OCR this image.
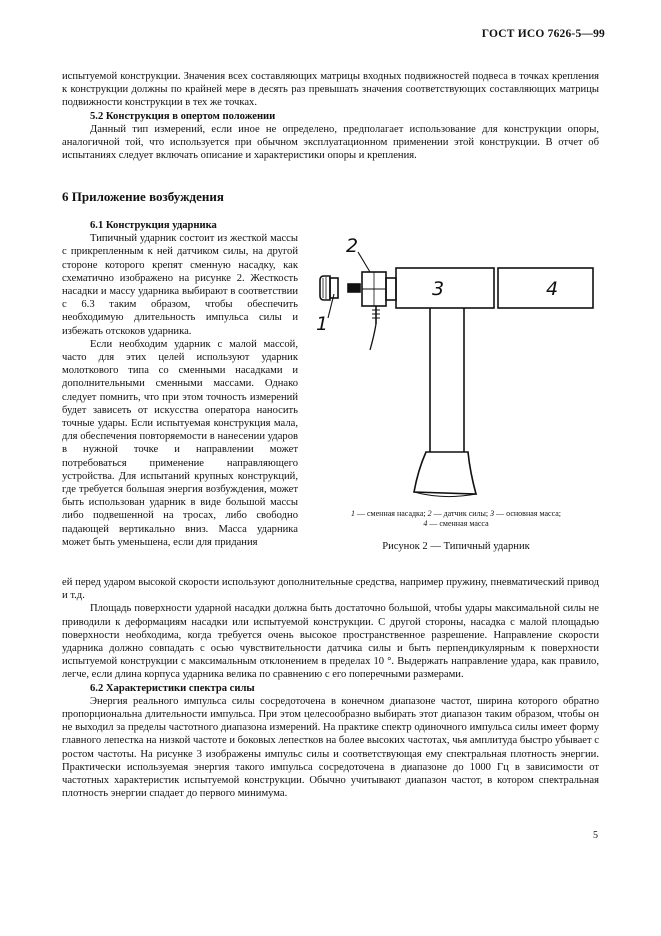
ГОСТ ИСО 7626-5—99

испытуемой конструкции. Значения всех составляющих матрицы входных подвижностей подвеса в точках крепления к конструкции должны по крайней мере в десять раз превышать значения соответствующих составляющих матрицы подвижности конструкции в тех же точках.

5.2 Конструкция в опертом положении

Данный тип измерений, если иное не определено, предполагает использование для конструкции опоры, аналогичной той, что используется при обычном эксплуатационном применении этой конструкции. В отчет об испытаниях следует включать описание и характеристики опоры и крепления.

6 Приложение возбуждения

6.1 Конструкция ударника

Типичный ударник состоит из жесткой массы с прикрепленным к ней датчиком силы, на другой стороне которого крепят сменную насадку, как схематично изображено на рисунке 2. Жесткость насадки и массу ударника выбирают в соответствии с 6.3 таким образом, чтобы обеспечить необходимую длительность импульса силы и избежать отскоков ударника.

Если необходим ударник с малой массой, часто для этих целей используют ударник молоткового типа со сменными насадками и дополнительными сменными массами. Однако следует помнить, что при этом точность измерений будет зависеть от искусства оператора наносить точные удары. Если испытуемая конструкция мала, для обеспечения повторяемости в нанесении ударов в нужной точке и направлении может потребоваться применение направляющего устройства. Для испытаний крупных конструкций, где требуется большая энергия возбуждения, может быть использован ударник в виде большой массы либо подвешенной на тросах, либо свободно падающей вертикально вниз. Масса ударника может быть уменьшена, если для придания

1
2
3	4
1 — сменная насадка; 2 — датчик силы; 3 — основная масса;
4 — сменная масса
Рисунок 2 — Типичный ударник

ей перед ударом высокой скорости используют дополнительные средства, например пружину, пневматический привод и т.д.

Площадь поверхности ударной насадки должна быть достаточно большой, чтобы удары максимальной силы не приводили к деформациям насадки или испытуемой конструкции. С другой стороны, насадка с малой площадью поверхности необходима, когда требуется очень высокое пространственное разрешение. Направление скорости ударника должно совпадать с осью чувствительности датчика силы и быть перпендикулярным к поверхности испытуемой конструкции с максимальным отклонением в пределах 10 °. Выдержать направление удара, как правило, легче, если длина корпуса ударника велика по сравнению с его поперечными размерами.

6.2 Характеристики спектра силы

Энергия реального импульса силы сосредоточена в конечном диапазоне частот, ширина которого обратно пропорциональна длительности импульса. При этом целесообразно выбирать этот диапазон таким образом, чтобы он не выходил за пределы частотного диапазона измерений. На практике спектр одиночного импульса силы имеет форму главного лепестка на низкой частоте и боковых лепестков на более высоких частотах, чья амплитуда быстро убывает с ростом частоты. На рисунке 3 изображены импульс силы и соответствующая ему спектральная плотность энергии. Практически используемая энергия такого импульса сосредоточена в диапазоне до 1000 Гц в зависимости от частотных характеристик испытуемой конструкции. Обычно учитывают диапазон частот, в котором спектральная плотность энергии спадает до первого минимума.

5
